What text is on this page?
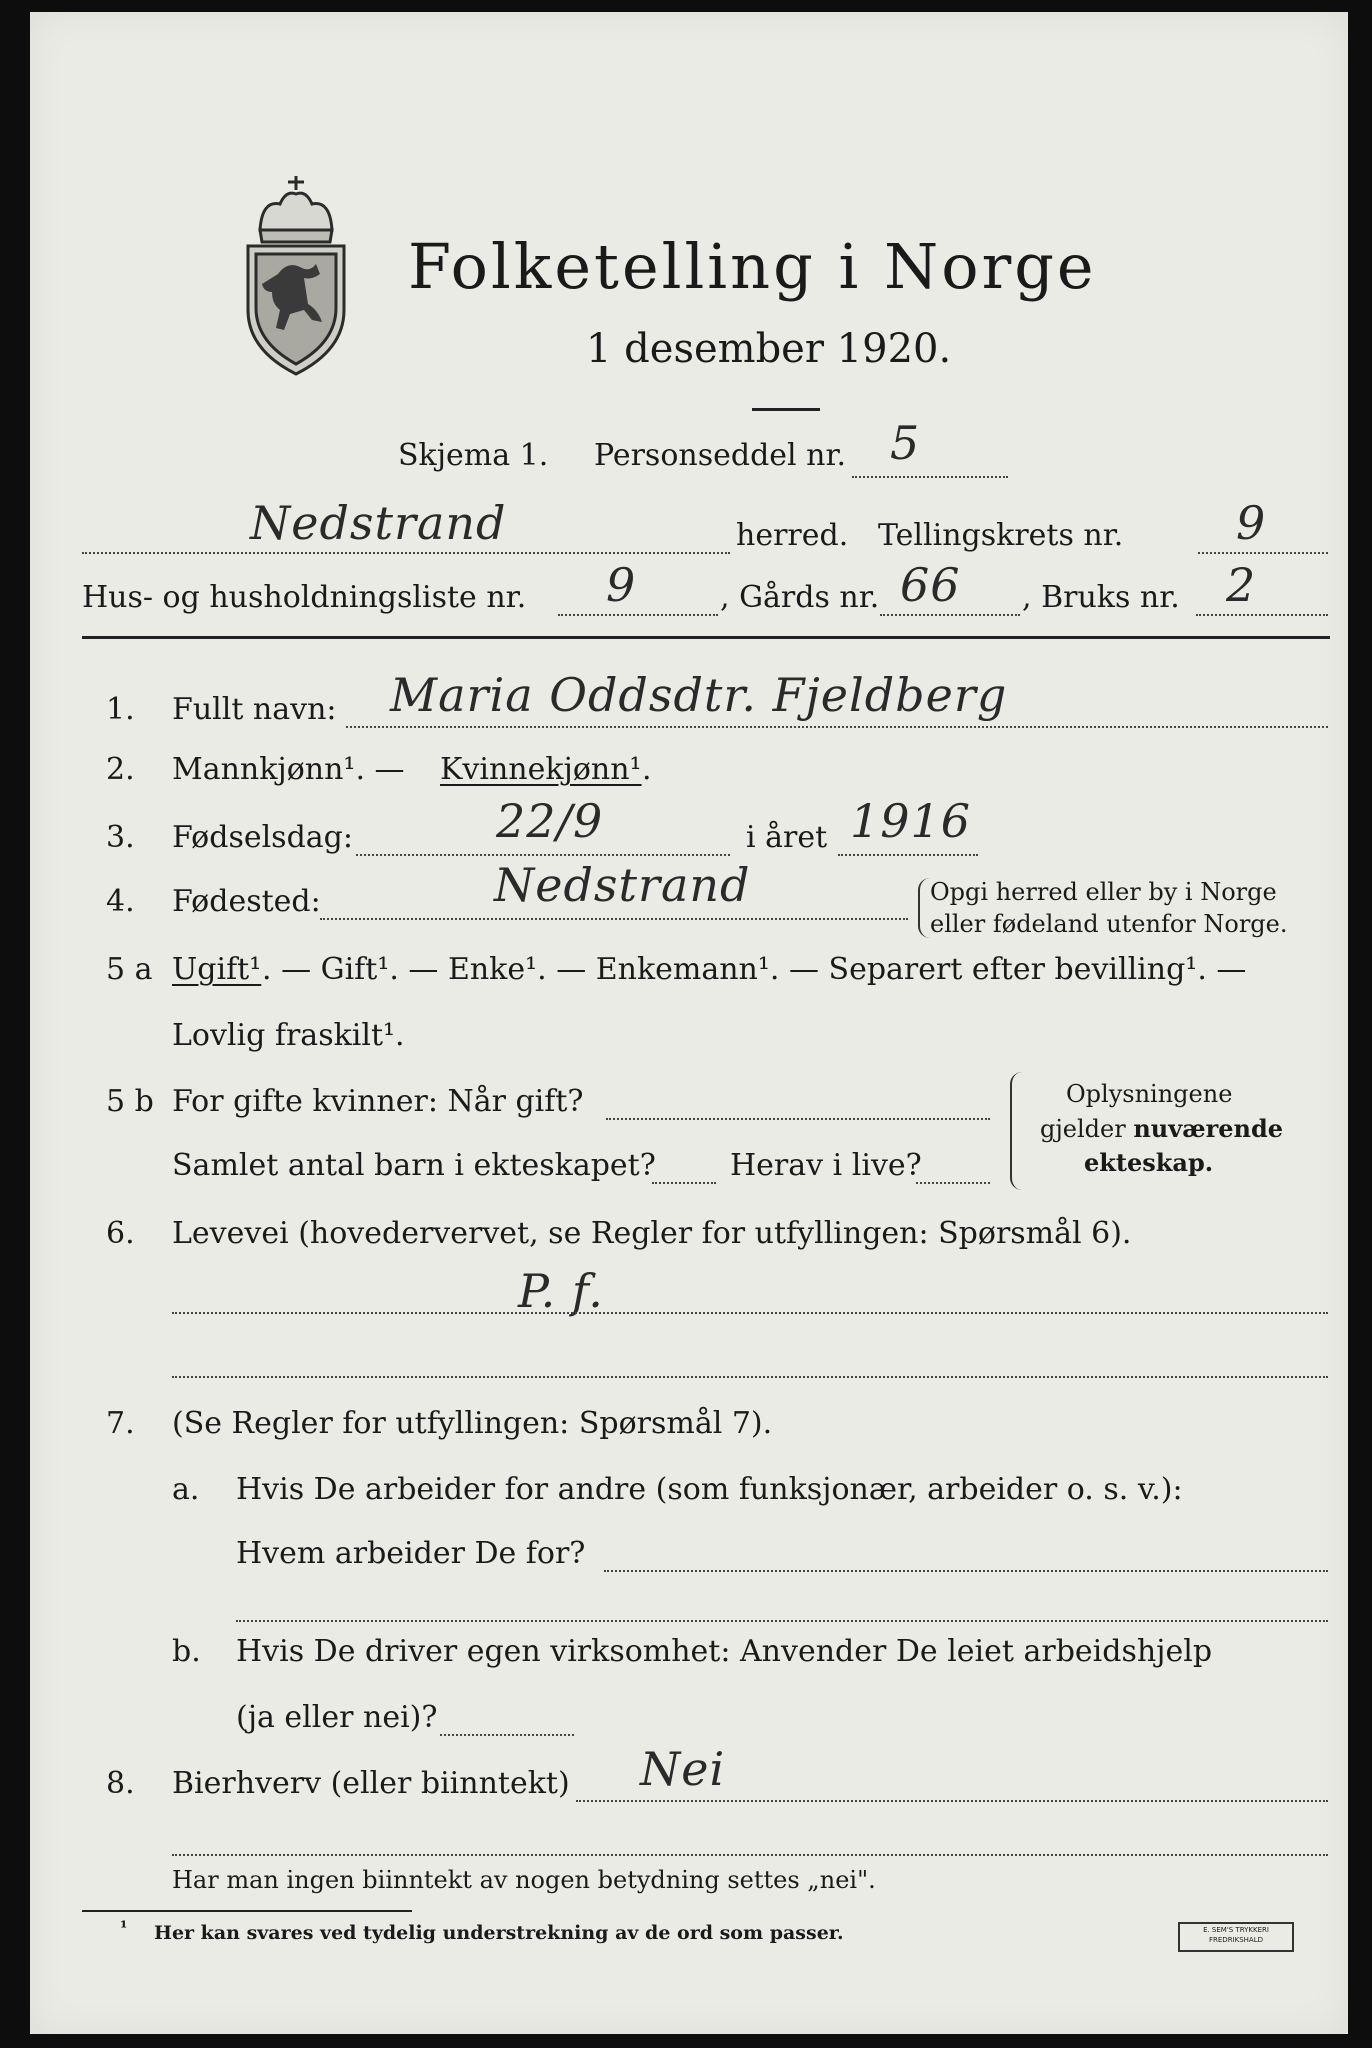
Folketelling i Norge
1 desember 1920.
Skjema 1. Personseddel nr. 5
Nedstrand	herred. Tellingskrets nr. 9
Hus- og husholdningsliste nr. 9	, Gårds nr. 66 , Bruks nr. 2
1. Fullt navn: Maria Oddsdtr. Fjeldberg
2. Mannkjønn¹. — Kvinnekjønn¹ .
3. Fødselsdag:	22/9	i året 1916
4. Fødested:	Nedstrand	Opgi herred eller by i Norge
eller fødeland utenfor Norge.
5 a Ugift¹ . — Gift¹. — Enke¹. — Enkemann¹. — Separert efter bevilling¹. —
Lovlig fraskilt¹.
5 b For gifte kvinner: Når gift?
Samlet antal barn i ekteskapet? Herav i live?
Oplysningene
gjelder nuværende
ekteskap.
6. Levevei (hovedervervet, se Regler for utfyllingen: Spørsmål 6).
P. f.
7. (Se Regler for utfyllingen: Spørsmål 7).
a. Hvis De arbeider for andre (som funksjonær, arbeider o. s. v.):
Hvem arbeider De for?
b. Hvis De driver egen virksomhet: Anvender De leiet arbeidshjelp
(ja eller nei)?
8. Bierhverv (eller biinntekt) Nei
Har man ingen biinntekt av nogen betydning settes „nei".
¹ Her kan svares ved tydelig understrekning av de ord som passer.	E. SEM'S TRYKKERI FREDRIKSHALD
